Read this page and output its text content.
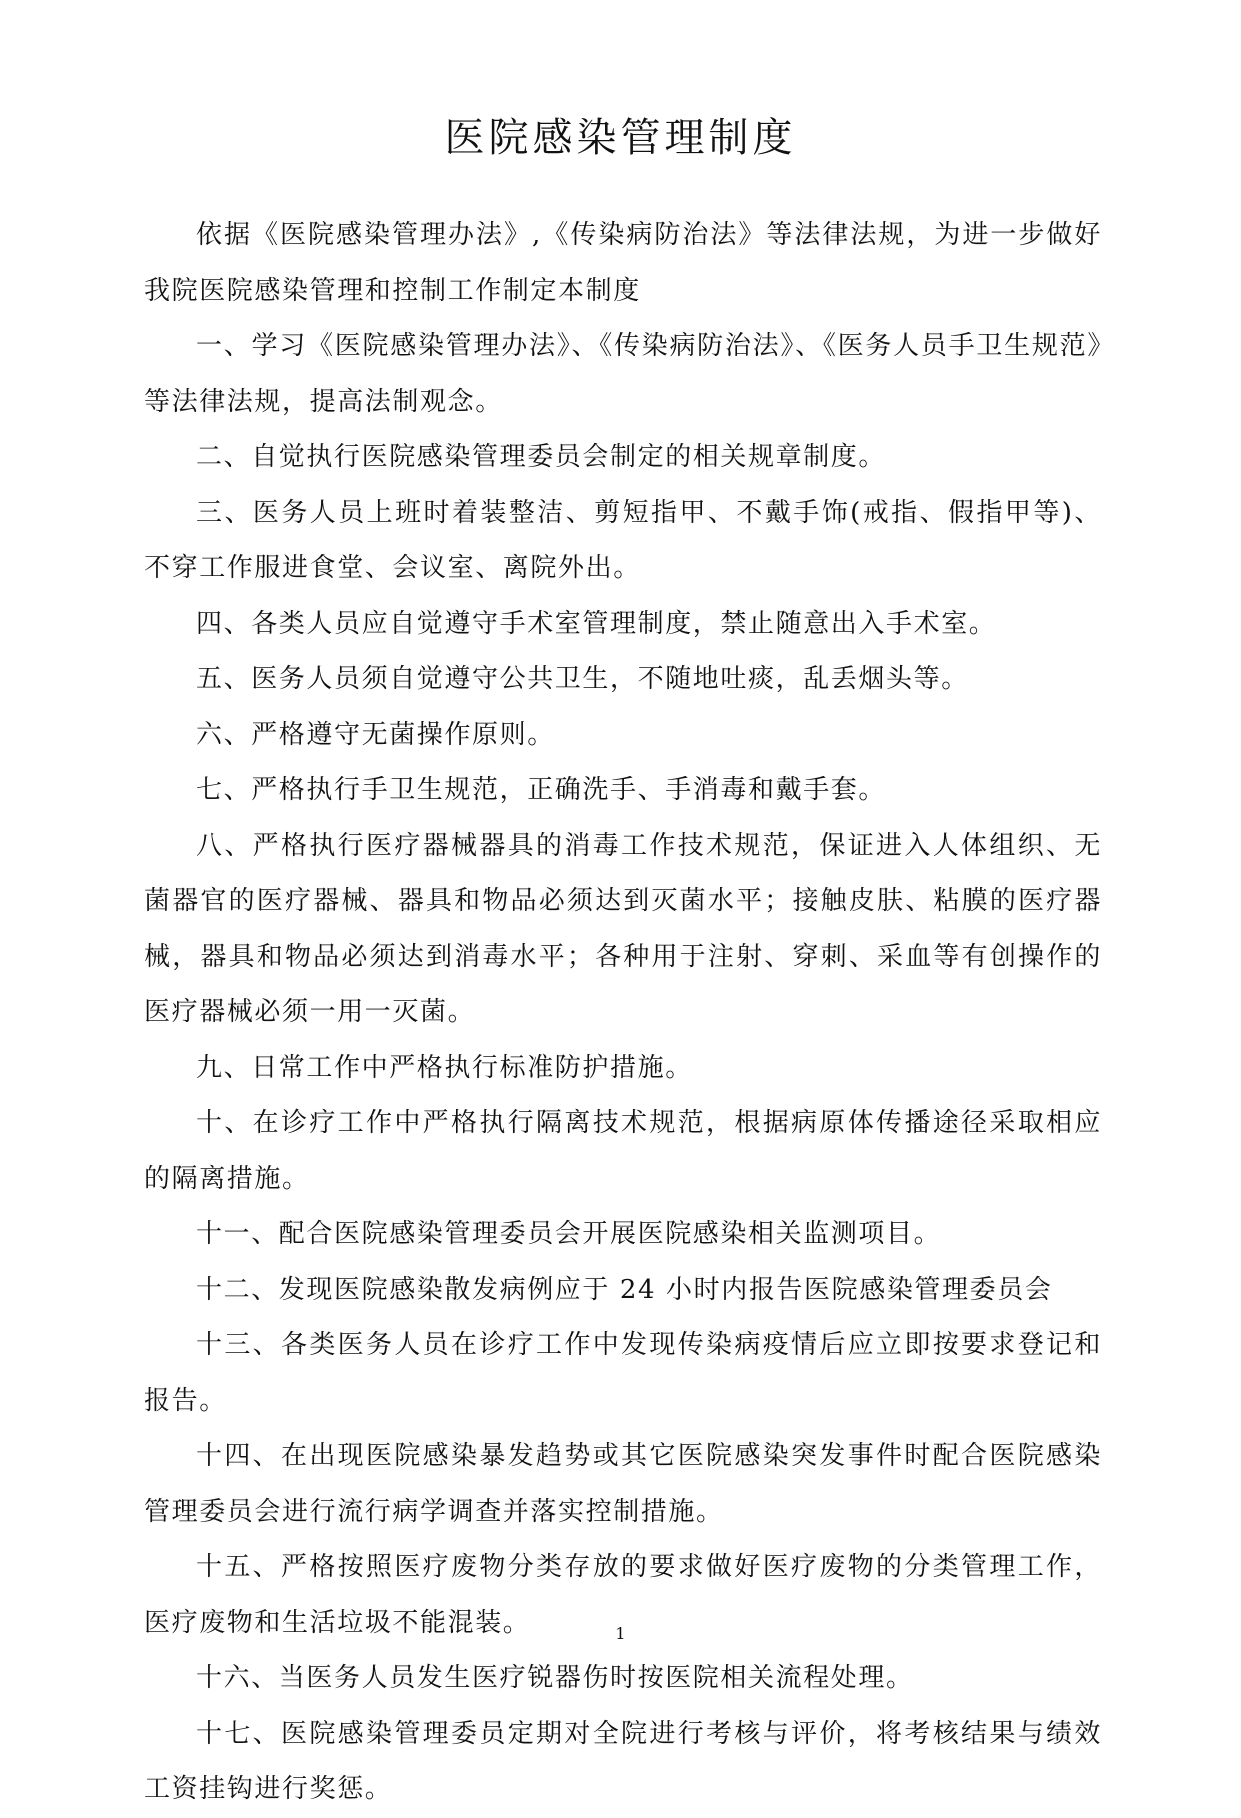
医院感染管理制度

依据《医院感染管理办法》,《传染病防治法》等法律法规，为进一步做好我院医院感染管理和控制工作制定本制度

一、学习《医院感染管理办法》、《传染病防治法》、《医务人员手卫生规范》等法律法规，提高法制观念。

二、自觉执行医院感染管理委员会制定的相关规章制度。

三、医务人员上班时着装整洁、剪短指甲、不戴手饰(戒指、假指甲等)、不穿工作服进食堂、会议室、离院外出。

四、各类人员应自觉遵守手术室管理制度，禁止随意出入手术室。

五、医务人员须自觉遵守公共卫生，不随地吐痰，乱丢烟头等。

六、严格遵守无菌操作原则。

七、严格执行手卫生规范，正确洗手、手消毒和戴手套。

八、严格执行医疗器械器具的消毒工作技术规范，保证进入人体组织、无菌器官的医疗器械、器具和物品必须达到灭菌水平；接触皮肤、粘膜的医疗器械，器具和物品必须达到消毒水平；各种用于注射、穿刺、采血等有创操作的医疗器械必须一用一灭菌。

九、日常工作中严格执行标准防护措施。

十、在诊疗工作中严格执行隔离技术规范，根据病原体传播途径采取相应的隔离措施。

十一、配合医院感染管理委员会开展医院感染相关监测项目。

十二、发现医院感染散发病例应于 24 小时内报告医院感染管理委员会

十三、各类医务人员在诊疗工作中发现传染病疫情后应立即按要求登记和报告。

十四、在出现医院感染暴发趋势或其它医院感染突发事件时配合医院感染管理委员会进行流行病学调查并落实控制措施。

十五、严格按照医疗废物分类存放的要求做好医疗废物的分类管理工作，医疗废物和生活垃圾不能混装。

十六、当医务人员发生医疗锐器伤时按医院相关流程处理。

十七、医院感染管理委员定期对全院进行考核与评价，将考核结果与绩效工资挂钩进行奖惩。

1
